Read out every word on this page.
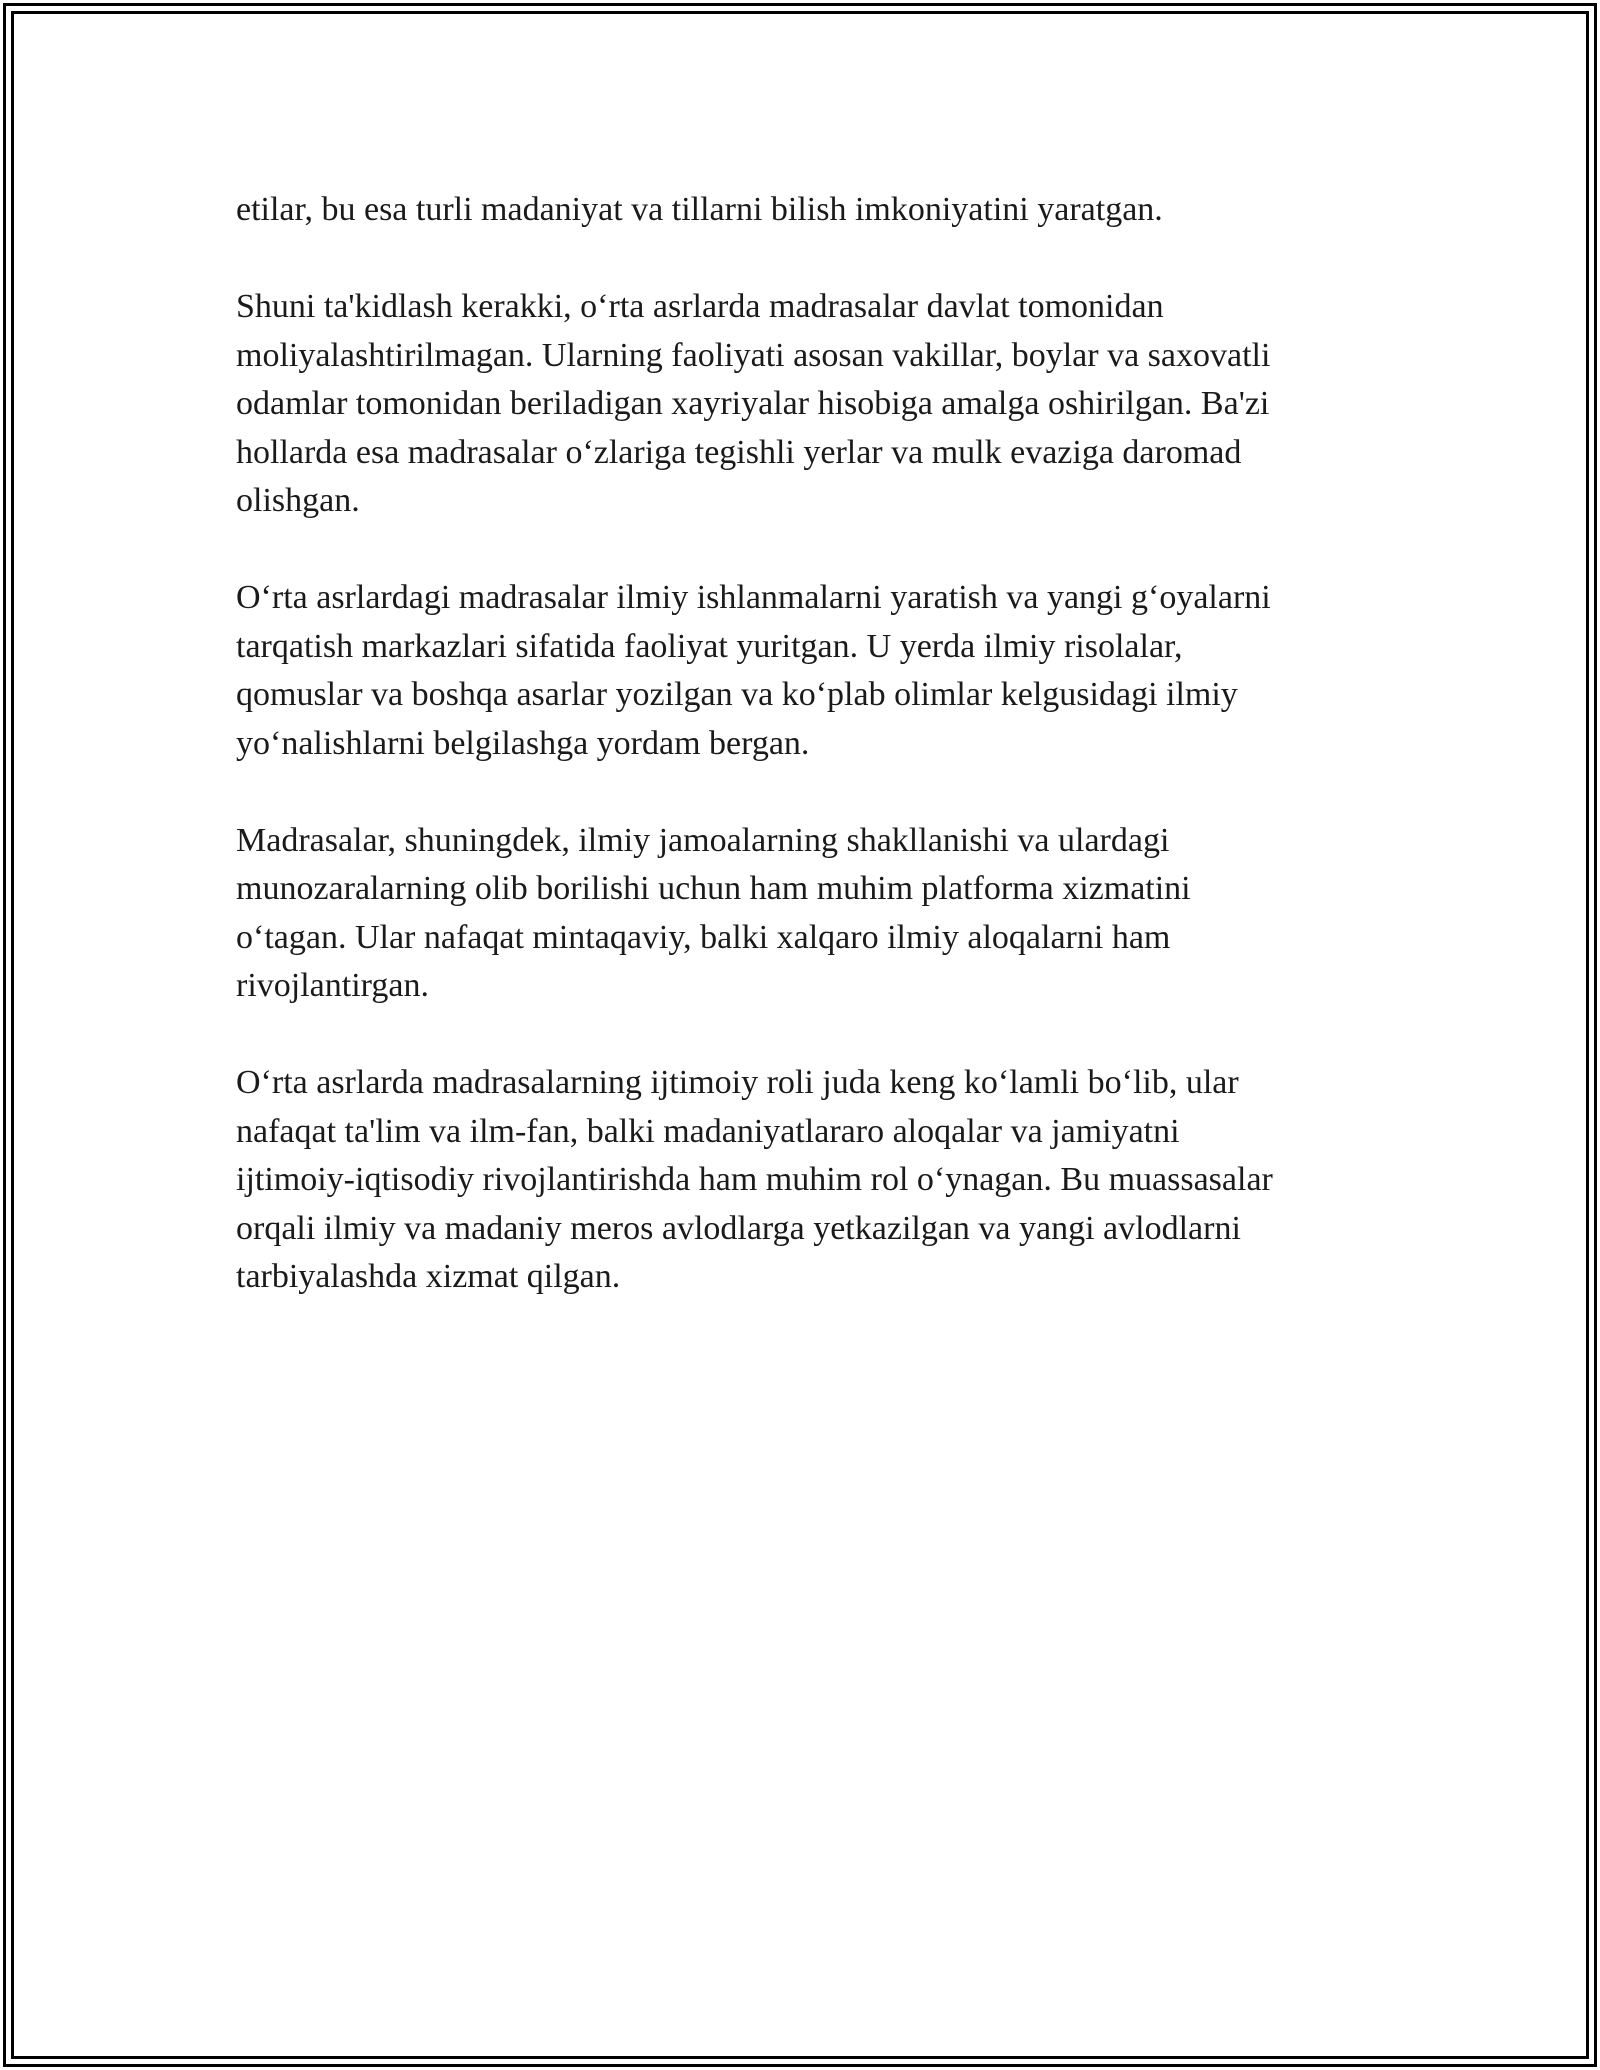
etilar, bu esa turli madaniyat va tillarni bilish imkoniyatini yaratgan.

Shuni ta'kidlash kerakki, o‘rta asrlarda madrasalar davlat tomonidan
moliyalashtirilmagan. Ularning faoliyati asosan vakillar, boylar va saxovatli
odamlar tomonidan beriladigan xayriyalar hisobiga amalga oshirilgan. Ba'zi
hollarda esa madrasalar o‘zlariga tegishli yerlar va mulk evaziga daromad
olishgan.

O‘rta asrlardagi madrasalar ilmiy ishlanmalarni yaratish va yangi g‘oyalarni
tarqatish markazlari sifatida faoliyat yuritgan. U yerda ilmiy risolalar,
qomuslar va boshqa asarlar yozilgan va ko‘plab olimlar kelgusidagi ilmiy
yo‘nalishlarni belgilashga yordam bergan.

Madrasalar, shuningdek, ilmiy jamoalarning shakllanishi va ulardagi
munozaralarning olib borilishi uchun ham muhim platforma xizmatini
o‘tagan. Ular nafaqat mintaqaviy, balki xalqaro ilmiy aloqalarni ham
rivojlantirgan.

O‘rta asrlarda madrasalarning ijtimoiy roli juda keng ko‘lamli bo‘lib, ular
nafaqat ta'lim va ilm-fan, balki madaniyatlararo aloqalar va jamiyatni
ijtimoiy-iqtisodiy rivojlantirishda ham muhim rol o‘ynagan. Bu muassasalar
orqali ilmiy va madaniy meros avlodlarga yetkazilgan va yangi avlodlarni
tarbiyalashda xizmat qilgan.
